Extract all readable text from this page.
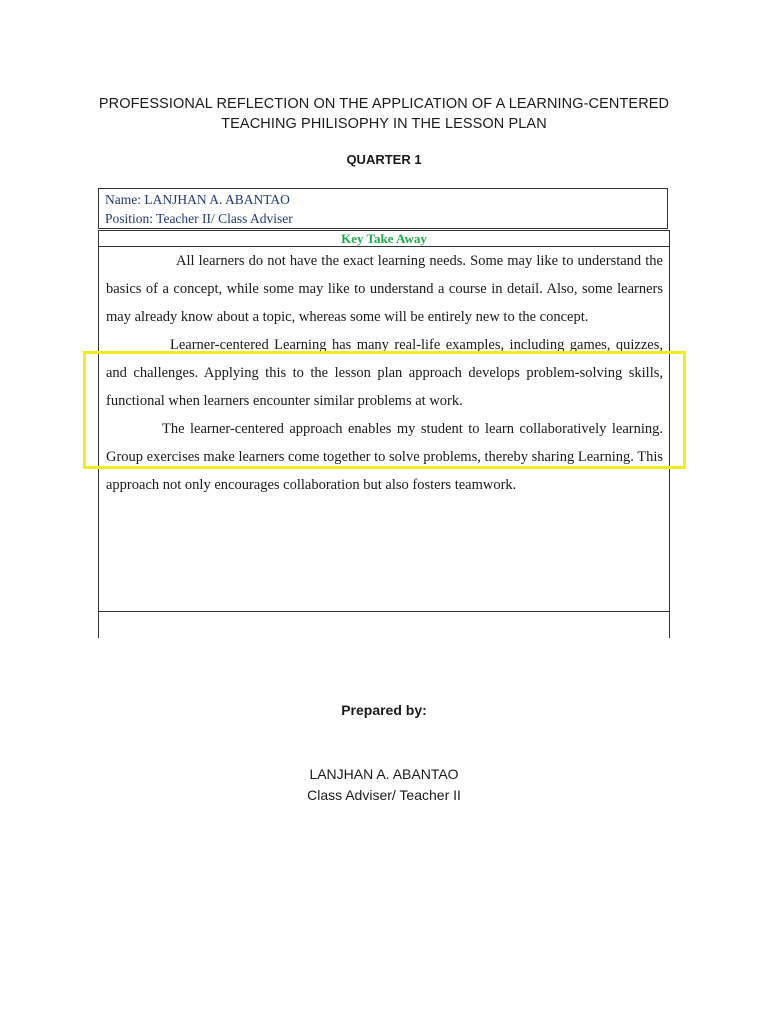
PROFESSIONAL REFLECTION ON THE APPLICATION OF A LEARNING-CENTERED
TEACHING PHILISOPHY IN THE LESSON PLAN
QUARTER 1
Name: LANJHAN A. ABANTAO
Position: Teacher II/ Class Adviser
Key Take Away

All learners do not have the exact learning needs. Some may like to understand the basics of a concept, while some may like to understand a course in detail. Also, some learners may already know about a topic, whereas some will be entirely new to the concept.

Learner-centered Learning has many real-life examples, including games, quizzes, and challenges. Applying this to the lesson plan approach develops problem-solving skills, functional when learners encounter similar problems at work.

The learner-centered approach enables my student to learn collaboratively learning. Group exercises make learners come together to solve problems, thereby sharing Learning. This approach not only encourages collaboration but also fosters teamwork.

Prepared by:
LANJHAN A. ABANTAO
Class Adviser/ Teacher II
